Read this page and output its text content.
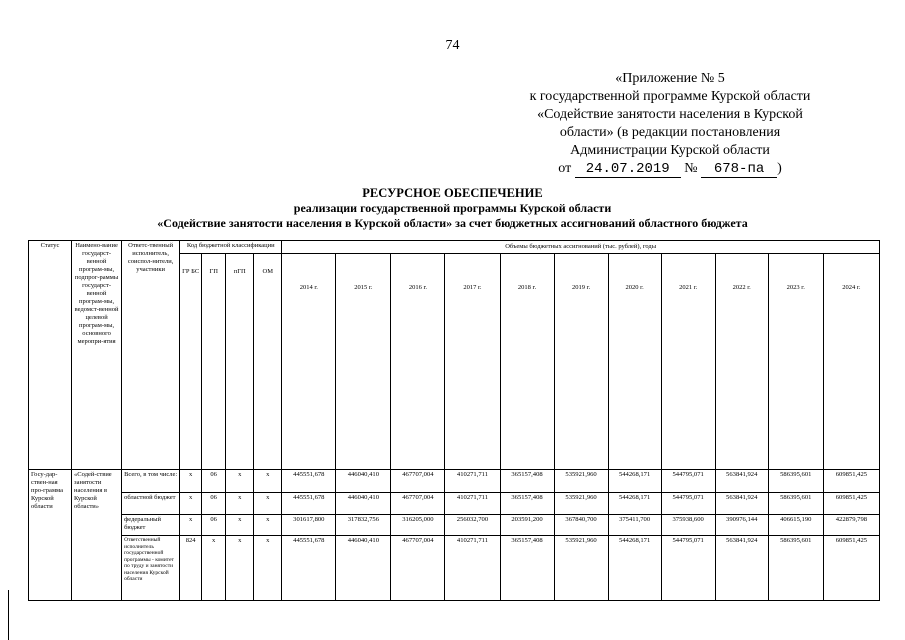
74
«Приложение № 5
к государственной программе Курской области
«Содействие занятости населения в Курской
области» (в редакции постановления
Администрации Курской области
от 24.07.2019 № 678-па )
РЕСУРСНОЕ ОБЕСПЕЧЕНИЕ
реализации государственной программы Курской области
«Содействие занятости населения в Курской области» за счет бюджетных ассигнований областного бюджета
Статус	Наимено-вание государст-венной програм-мы, подпрог-раммы государст-венной програм-мы, ведомст-венной целевой програм-мы, основного меропри-ятия	Ответс-твенный исполнитель, соиспол-нители, участники	Код бюджетной классификации				Объемы бюджетных ассигнований (тыс. рублей), годы										
			ГР БС	ГП	пГП	ОМ	2014 г.	2015 г.	2016 г.	2017 г.	2018 г.	2019 г.	2020 г.	2021 г.	2022 г.	2023 г.	2024 г.
Госу-дар-ствен-ная про-грамма Курской области	«Содей-ствие занятости населения в Курской области»	Всего, в том числе:	х	06	х	х	445551,678	446040,410	467707,004	410271,711	365157,408	535921,960	544268,171	544795,071	563841,924	586395,601	609851,425
		областной бюджет	х	06	х	х	445551,678	446040,410	467707,004	410271,711	365157,408	535921,960	544268,171	544795,071	563841,924	586395,601	609851,425
		федеральный бюджет	х	06	х	х	301617,800	317832,756	316205,000	256032,700	203591,200	367840,700	375411,700	375938,600	390976,144	406615,190	422879,798
		Ответственный исполнитель государственной программы - комитет по труду и занятости населения Курской области	824	х	х	х	445551,678	446040,410	467707,004	410271,711	365157,408	535921,960	544268,171	544795,071	563841,924	586395,601	609851,425
